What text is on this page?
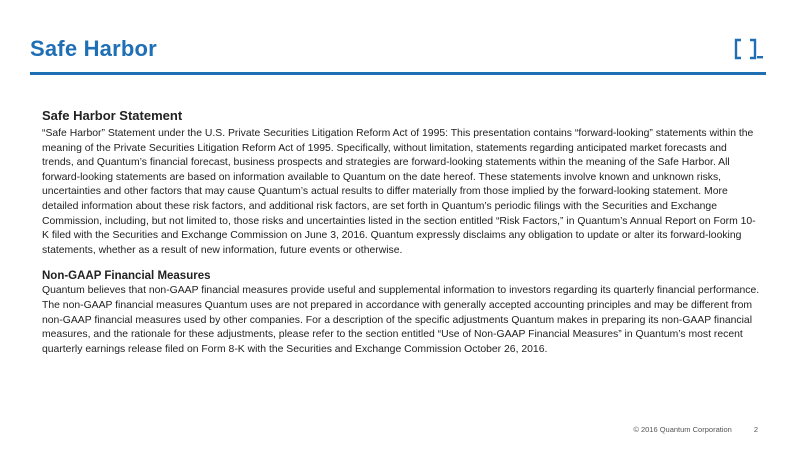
Safe Harbor
Safe Harbor Statement

“Safe Harbor” Statement under the U.S. Private Securities Litigation Reform Act of 1995: This presentation contains “forward-looking” statements within the meaning of the Private Securities Litigation Reform Act of 1995. Specifically, without limitation, statements regarding anticipated market forecasts and trends, and Quantum’s financial forecast, business prospects and strategies are forward-looking statements within the meaning of the Safe Harbor. All forward-looking statements are based on information available to Quantum on the date hereof. These statements involve known and unknown risks, uncertainties and other factors that may cause Quantum’s actual results to differ materially from those implied by the forward-looking statement. More detailed information about these risk factors, and additional risk factors, are set forth in Quantum’s periodic filings with the Securities and Exchange Commission, including, but not limited to, those risks and uncertainties listed in the section entitled “Risk Factors,” in Quantum’s Annual Report on Form 10-K filed with the Securities and Exchange Commission on June 3, 2016. Quantum expressly disclaims any obligation to update or alter its forward-looking statements, whether as a result of new information, future events or otherwise.

Non-GAAP Financial Measures

Quantum believes that non-GAAP financial measures provide useful and supplemental information to investors regarding its quarterly financial performance. The non-GAAP financial measures Quantum uses are not prepared in accordance with generally accepted accounting principles and may be different from non-GAAP financial measures used by other companies. For a description of the specific adjustments Quantum makes in preparing its non-GAAP financial measures, and the rationale for these adjustments, please refer to the section entitled “Use of Non-GAAP Financial Measures” in Quantum’s most recent quarterly earnings release filed on Form 8-K with the Securities and Exchange Commission October 26, 2016.

© 2016 Quantum Corporation	2
